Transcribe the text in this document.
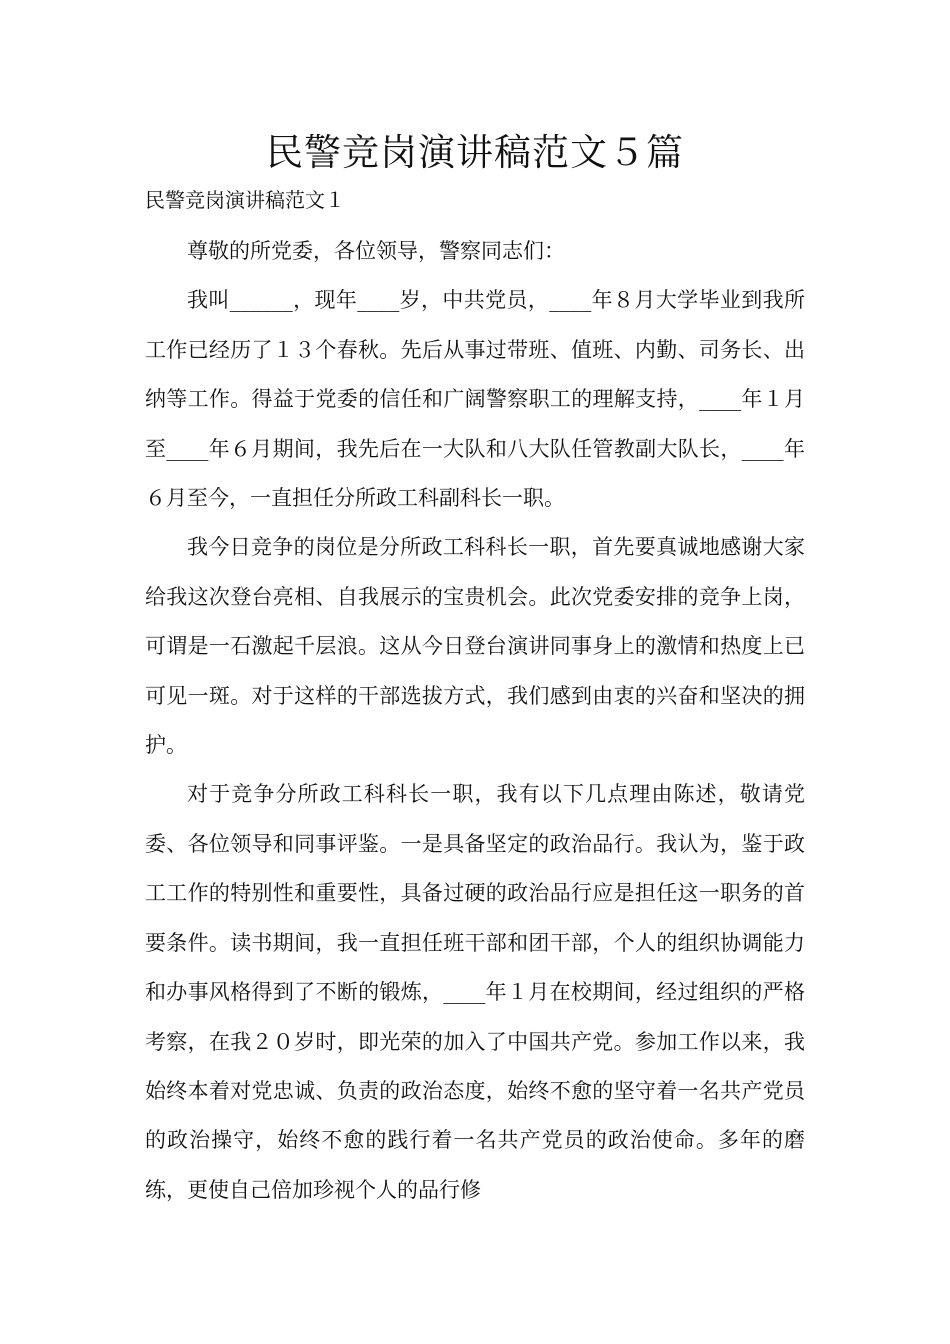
民警竞岗演讲稿范文５篇
民警竞岗演讲稿范文１

尊敬的所党委，各位领导，警察同志们：

我叫______，现年____岁，中共党员，____年８月大学毕业到我所工作已经历了１３个春秋。先后从事过带班、值班、内勤、司务长、出纳等工作。得益于党委的信任和广阔警察职工的理解支持，____年１月至____年６月期间，我先后在一大队和八大队任管教副大队长，____年６月至今，一直担任分所政工科副科长一职。

我今日竞争的岗位是分所政工科科长一职，首先要真诚地感谢大家给我这次登台亮相、自我展示的宝贵机会。此次党委安排的竞争上岗，可谓是一石激起千层浪。这从今日登台演讲同事身上的激情和热度上已可见一斑。对于这样的干部选拔方式，我们感到由衷的兴奋和坚决的拥护。

对于竞争分所政工科科长一职，我有以下几点理由陈述，敬请党委、各位领导和同事评鉴。一是具备坚定的政治品行。我认为，鉴于政工工作的特别性和重要性，具备过硬的政治品行应是担任这一职务的首要条件。读书期间，我一直担任班干部和团干部，个人的组织协调能力和办事风格得到了不断的锻炼，____年１月在校期间，经过组织的严格考察，在我２０岁时，即光荣的加入了中国共产党。参加工作以来，我始终本着对党忠诚、负责的政治态度，始终不愈的坚守着一名共产党员的政治操守，始终不愈的践行着一名共产党员的政治使命。多年的磨练，更使自己倍加珍视个人的品行修
